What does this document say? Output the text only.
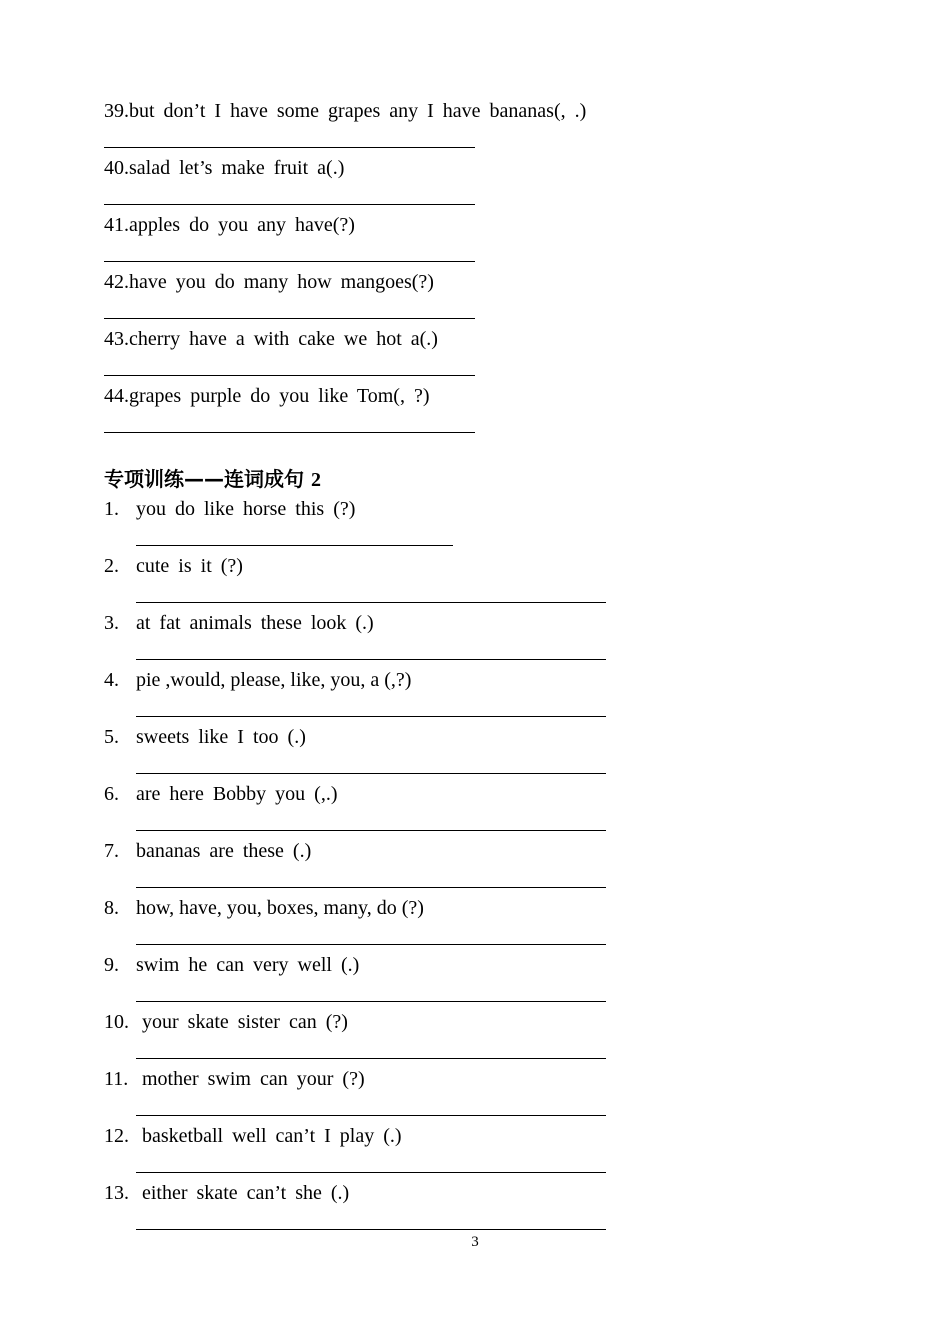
39.but don’t I have some grapes any I have bananas(, .)
40.salad let’s make fruit a(.)
41.apples do you any have(?)
42.have you do many how mangoes(?)
43.cherry have a with cake we hot a(.)
44.grapes purple do you like Tom(, ?)
专项训练——连词成句 2
1. you do like horse this (?)
2. cute is it (?)
3. at fat animals these look (.)
4. pie ,would, please, like, you, a (,?)
5. sweets like I too (.)
6. are here Bobby you (,.)
7. bananas are these (.)
8. how, have, you, boxes, many, do (?)
9. swim he can very well (.)
10. your skate sister can (?)
11. mother swim can your (?)
12. basketball well can’t I play (.)
13. either skate can’t she (.)
3
